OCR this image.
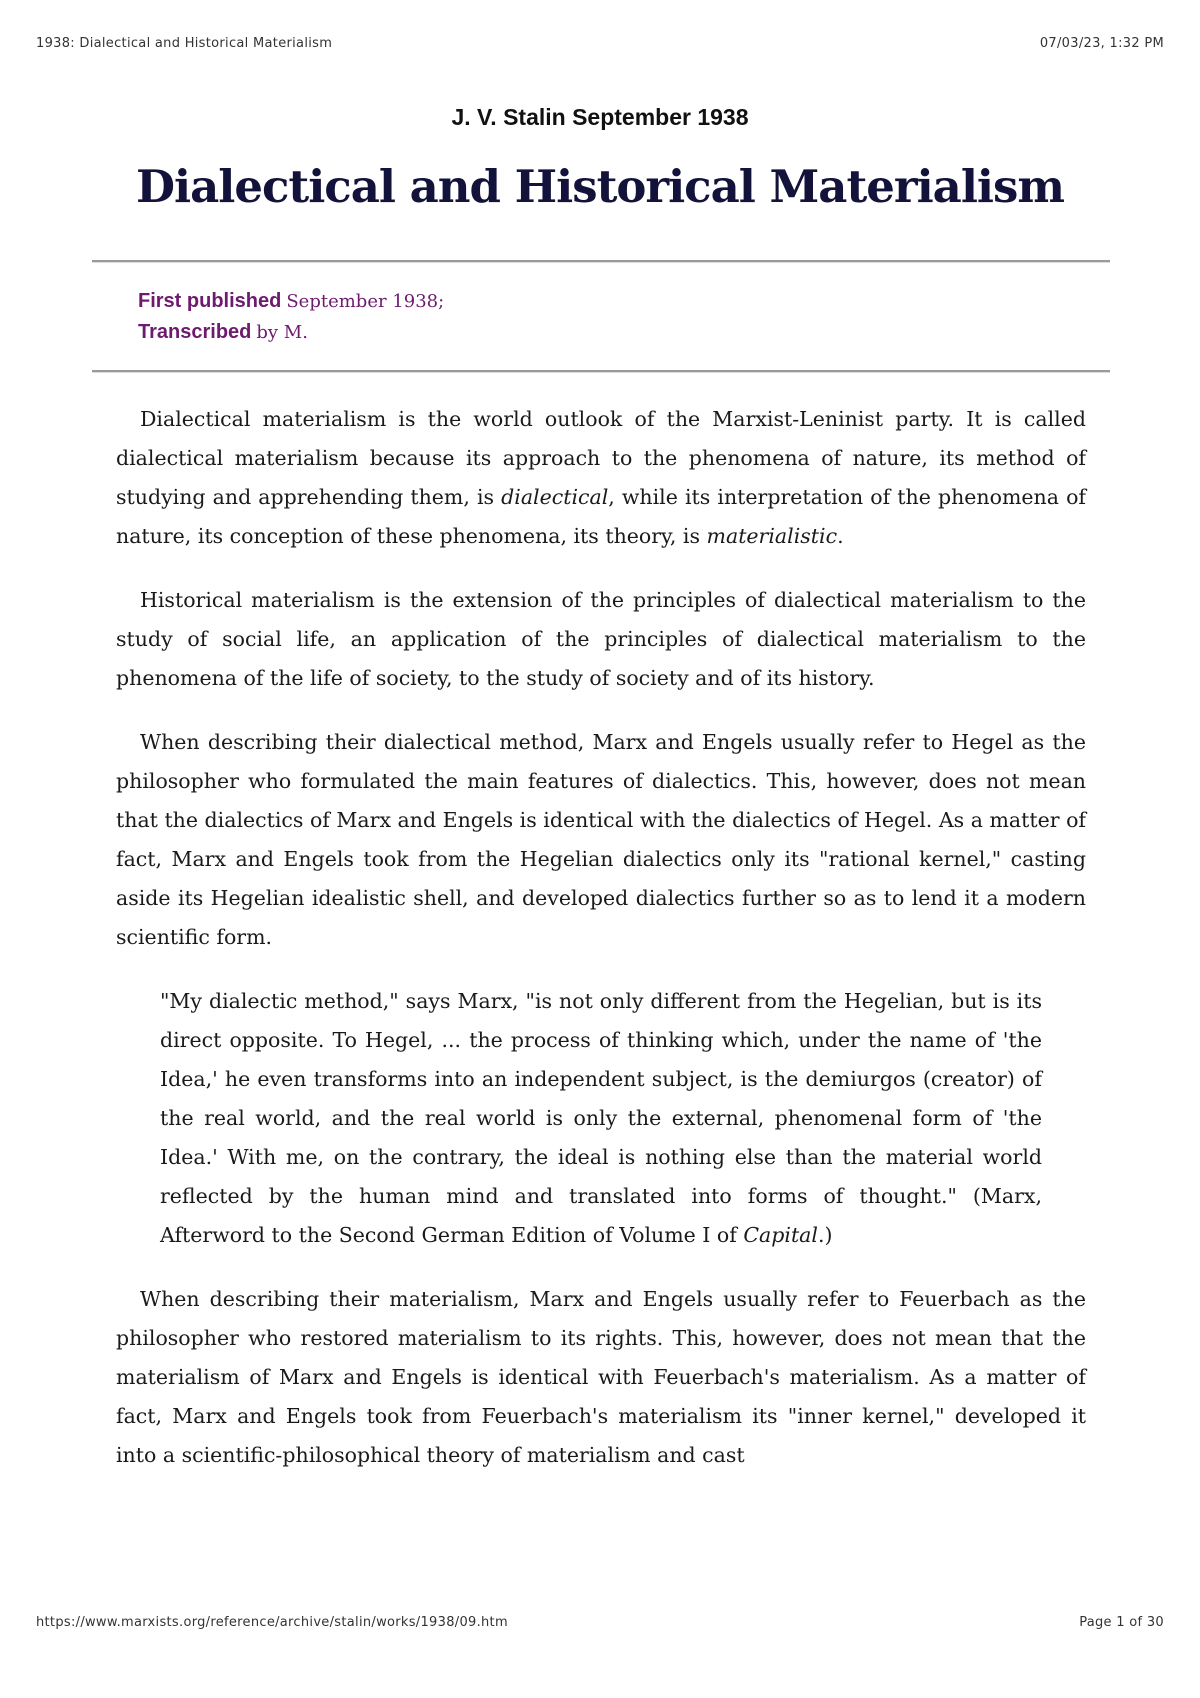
1938: Dialectical and Historical Materialism	07/03/23, 1:32 PM
J. V. Stalin September 1938
Dialectical and Historical Materialism
First published September 1938;
Transcribed by M.

Dialectical materialism is the world outlook of the Marxist-Leninist party. It is called dialectical materialism because its approach to the phenomena of nature, its method of studying and apprehending them, is dialectical, while its interpretation of the phenomena of nature, its conception of these phenomena, its theory, is materialistic.

Historical materialism is the extension of the principles of dialectical materialism to the study of social life, an application of the principles of dialectical materialism to the phenomena of the life of society, to the study of society and of its history.

When describing their dialectical method, Marx and Engels usually refer to Hegel as the philosopher who formulated the main features of dialectics. This, however, does not mean that the dialectics of Marx and Engels is identical with the dialectics of Hegel. As a matter of fact, Marx and Engels took from the Hegelian dialectics only its "rational kernel," casting aside its Hegelian idealistic shell, and developed dialectics further so as to lend it a modern scientific form.

"My dialectic method," says Marx, "is not only different from the Hegelian, but is its direct opposite. To Hegel, ... the process of thinking which, under the name of 'the Idea,' he even transforms into an independent subject, is the demiurgos (creator) of the real world, and the real world is only the external, phenomenal form of 'the Idea.' With me, on the contrary, the ideal is nothing else than the material world reflected by the human mind and translated into forms of thought." (Marx, Afterword to the Second German Edition of Volume I of Capital.)

When describing their materialism, Marx and Engels usually refer to Feuerbach as the philosopher who restored materialism to its rights. This, however, does not mean that the materialism of Marx and Engels is identical with Feuerbach's materialism. As a matter of fact, Marx and Engels took from Feuerbach's materialism its "inner kernel," developed it into a scientific-philosophical theory of materialism and cast

https://www.marxists.org/reference/archive/stalin/works/1938/09.htm	Page 1 of 30
